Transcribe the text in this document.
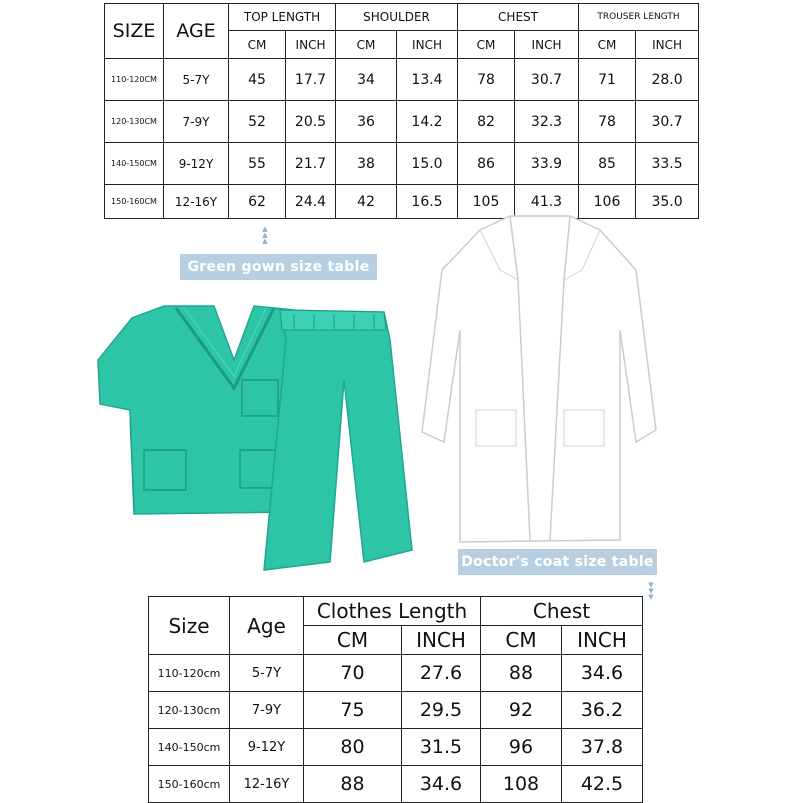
SIZE	AGE	TOP LENGTH		SHOULDER		CHEST		TROUSER LENGTH	
		CM	INCH	CM	INCH	CM	INCH	CM	INCH
110-120CM	5-7Y	45	17.7	34	13.4	78	30.7	71	28.0
120-130CM	7-9Y	52	20.5	36	14.2	82	32.3	78	30.7
140-150CM	9-12Y	55	21.7	38	15.0	86	33.9	85	33.5
150-160CM	12-16Y	62	24.4	42	16.5	105	41.3	106	35.0
▲
▲
▲
Green gown size table
Doctor's coat size table
▼
▼
▼
Size	Age	Clothes Length		Chest	
		CM	INCH	CM	INCH
110-120cm	5-7Y	70	27.6	88	34.6
120-130cm	7-9Y	75	29.5	92	36.2
140-150cm	9-12Y	80	31.5	96	37.8
150-160cm	12-16Y	88	34.6	108	42.5
